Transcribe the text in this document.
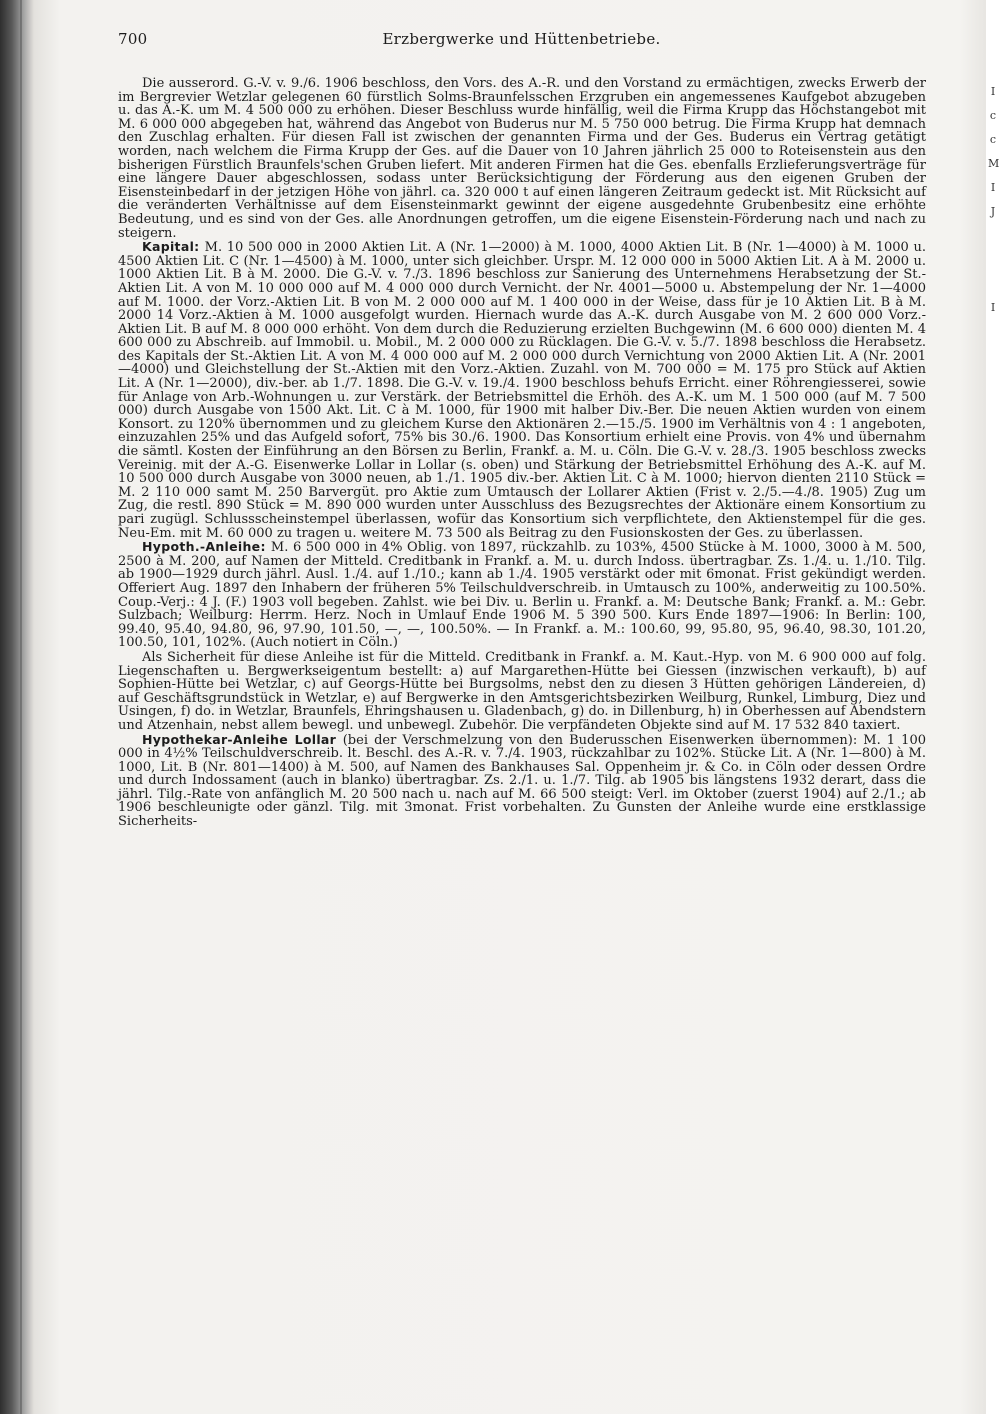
I
c
c
M
I
J
I
700	Erzbergwerke und Hüttenbetriebe.

Die ausserord. G.-V. v. 9./6. 1906 beschloss, den Vors. des A.-R. und den Vorstand zu ermächtigen, zwecks Erwerb der im Bergrevier Wetzlar gelegenen 60 fürstlich Solms-Braunfelsschen Erzgruben ein angemessenes Kaufgebot abzugeben u. das A.-K. um M. 4 500 000 zu erhöhen. Dieser Beschluss wurde hinfällig, weil die Firma Krupp das Höchstangebot mit M. 6 000 000 abgegeben hat, während das Angebot von Buderus nur M. 5 750 000 betrug. Die Firma Krupp hat demnach den Zuschlag erhalten. Für diesen Fall ist zwischen der genannten Firma und der Ges. Buderus ein Vertrag getätigt worden, nach welchem die Firma Krupp der Ges. auf die Dauer von 10 Jahren jährlich 25 000 to Roteisenstein aus den bisherigen Fürstlich Braunfels'schen Gruben liefert. Mit anderen Firmen hat die Ges. ebenfalls Erzlieferungsverträge für eine längere Dauer abgeschlossen, sodass unter Berücksichtigung der Förderung aus den eigenen Gruben der Eisensteinbedarf in der jetzigen Höhe von jährl. ca. 320 000 t auf einen längeren Zeitraum gedeckt ist. Mit Rücksicht auf die veränderten Verhältnisse auf dem Eisensteinmarkt gewinnt der eigene ausgedehnte Grubenbesitz eine erhöhte Bedeutung, und es sind von der Ges. alle Anordnungen getroffen, um die eigene Eisenstein-Förderung nach und nach zu steigern.

Kapital: M. 10 500 000 in 2000 Aktien Lit. A (Nr. 1—2000) à M. 1000, 4000 Aktien Lit. B (Nr. 1—4000) à M. 1000 u. 4500 Aktien Lit. C (Nr. 1—4500) à M. 1000, unter sich gleichber. Urspr. M. 12 000 000 in 5000 Aktien Lit. A à M. 2000 u. 1000 Aktien Lit. B à M. 2000. Die G.-V. v. 7./3. 1896 beschloss zur Sanierung des Unternehmens Herabsetzung der St.-Aktien Lit. A von M. 10 000 000 auf M. 4 000 000 durch Vernicht. der Nr. 4001—5000 u. Abstempelung der Nr. 1—4000 auf M. 1000. der Vorz.-Aktien Lit. B von M. 2 000 000 auf M. 1 400 000 in der Weise, dass für je 10 Aktien Lit. B à M. 2000 14 Vorz.-Aktien à M. 1000 ausgefolgt wurden. Hiernach wurde das A.-K. durch Ausgabe von M. 2 600 000 Vorz.-Aktien Lit. B auf M. 8 000 000 erhöht. Von dem durch die Reduzierung erzielten Buchgewinn (M. 6 600 000) dienten M. 4 600 000 zu Abschreib. auf Immobil. u. Mobil., M. 2 000 000 zu Rücklagen. Die G.-V. v. 5./7. 1898 beschloss die Herabsetz. des Kapitals der St.-Aktien Lit. A von M. 4 000 000 auf M. 2 000 000 durch Vernichtung von 2000 Aktien Lit. A (Nr. 2001—4000) und Gleichstellung der St.-Aktien mit den Vorz.-Aktien. Zuzahl. von M. 700 000 = M. 175 pro Stück auf Aktien Lit. A (Nr. 1—2000), div.-ber. ab 1./7. 1898. Die G.-V. v. 19./4. 1900 beschloss behufs Erricht. einer Röhrengiesserei, sowie für Anlage von Arb.-Wohnungen u. zur Verstärk. der Betriebsmittel die Erhöh. des A.-K. um M. 1 500 000 (auf M. 7 500 000) durch Ausgabe von 1500 Akt. Lit. C à M. 1000, für 1900 mit halber Div.-Ber. Die neuen Aktien wurden von einem Konsort. zu 120% übernommen und zu gleichem Kurse den Aktionären 2.—15./5. 1900 im Verhältnis von 4 : 1 angeboten, einzuzahlen 25% und das Aufgeld sofort, 75% bis 30./6. 1900. Das Konsortium erhielt eine Provis. von 4% und übernahm die sämtl. Kosten der Einführung an den Börsen zu Berlin, Frankf. a. M. u. Cöln. Die G.-V. v. 28./3. 1905 beschloss zwecks Vereinig. mit der A.-G. Eisenwerke Lollar in Lollar (s. oben) und Stärkung der Betriebsmittel Erhöhung des A.-K. auf M. 10 500 000 durch Ausgabe von 3000 neuen, ab 1./1. 1905 div.-ber. Aktien Lit. C à M. 1000; hiervon dienten 2110 Stück = M. 2 110 000 samt M. 250 Barvergüt. pro Aktie zum Umtausch der Lollarer Aktien (Frist v. 2./5.—4./8. 1905) Zug um Zug, die restl. 890 Stück = M. 890 000 wurden unter Ausschluss des Bezugsrechtes der Aktionäre einem Konsortium zu pari zugügl. Schlussscheinstempel überlassen, wofür das Konsortium sich verpflichtete, den Aktienstempel für die ges. Neu-Em. mit M. 60 000 zu tragen u. weitere M. 73 500 als Beitrag zu den Fusionskosten der Ges. zu überlassen.

Hypoth.-Anleihe: M. 6 500 000 in 4% Oblig. von 1897, rückzahlb. zu 103%, 4500 Stücke à M. 1000, 3000 à M. 500, 2500 à M. 200, auf Namen der Mitteld. Creditbank in Frankf. a. M. u. durch Indoss. übertragbar. Zs. 1./4. u. 1./10. Tilg. ab 1900—1929 durch jährl. Ausl. 1./4. auf 1./10.; kann ab 1./4. 1905 verstärkt oder mit 6monat. Frist gekündigt werden. Offeriert Aug. 1897 den Inhabern der früheren 5% Teilschuldverschreib. in Umtausch zu 100%, anderweitig zu 100.50%. Coup.-Verj.: 4 J. (F.) 1903 voll begeben. Zahlst. wie bei Div. u. Berlin u. Frankf. a. M: Deutsche Bank; Frankf. a. M.: Gebr. Sulzbach; Weilburg: Herrm. Herz. Noch in Umlauf Ende 1906 M. 5 390 500. Kurs Ende 1897—1906: In Berlin: 100, 99.40, 95.40, 94.80, 96, 97.90, 101.50, —, —, 100.50%. — In Frankf. a. M.: 100.60, 99, 95.80, 95, 96.40, 98.30, 101.20, 100.50, 101, 102%. (Auch notiert in Cöln.)

Als Sicherheit für diese Anleihe ist für die Mitteld. Creditbank in Frankf. a. M. Kaut.-Hyp. von M. 6 900 000 auf folg. Liegenschaften u. Bergwerkseigentum bestellt: a) auf Margarethen-Hütte bei Giessen (inzwischen verkauft), b) auf Sophien-Hütte bei Wetzlar, c) auf Georgs-Hütte bei Burgsolms, nebst den zu diesen 3 Hütten gehörigen Ländereien, d) auf Geschäftsgrundstück in Wetzlar, e) auf Bergwerke in den Amtsgerichtsbezirken Weilburg, Runkel, Limburg, Diez und Usingen, f) do. in Wetzlar, Braunfels, Ehringshausen u. Gladenbach, g) do. in Dillenburg, h) in Oberhessen auf Abendstern und Atzenhain, nebst allem bewegl. und unbewegl. Zubehör. Die verpfändeten Objekte sind auf M. 17 532 840 taxiert.

Hypothekar-Anleihe Lollar (bei der Verschmelzung von den Buderusschen Eisenwerken übernommen): M. 1 100 000 in 4½% Teilschuldverschreib. lt. Beschl. des A.-R. v. 7./4. 1903, rückzahlbar zu 102%. Stücke Lit. A (Nr. 1—800) à M. 1000, Lit. B (Nr. 801—1400) à M. 500, auf Namen des Bankhauses Sal. Oppenheim jr. & Co. in Cöln oder dessen Ordre und durch Indossament (auch in blanko) übertragbar. Zs. 2./1. u. 1./7. Tilg. ab 1905 bis längstens 1932 derart, dass die jährl. Tilg.-Rate von anfänglich M. 20 500 nach u. nach auf M. 66 500 steigt: Verl. im Oktober (zuerst 1904) auf 2./1.; ab 1906 beschleunigte oder gänzl. Tilg. mit 3monat. Frist vorbehalten. Zu Gunsten der Anleihe wurde eine erstklassige Sicherheits-
